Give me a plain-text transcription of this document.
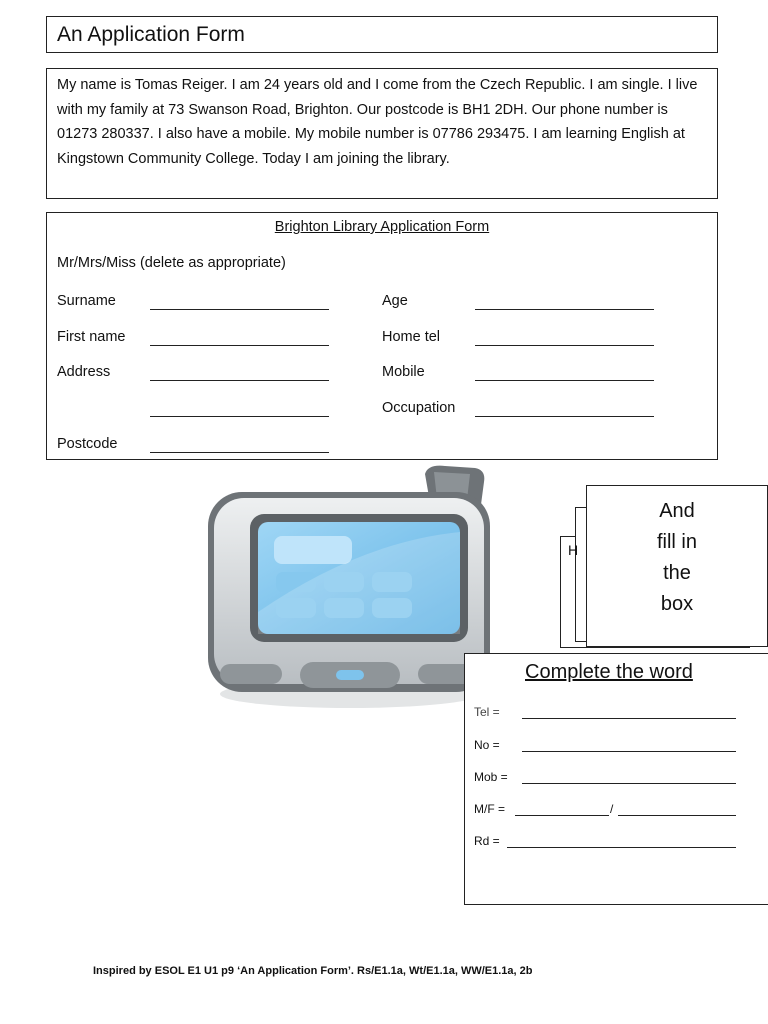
An Application Form
My name is Tomas Reiger. I am 24 years old and I come from the Czech Republic. I am single. I live with my family at 73 Swanson Road, Brighton. Our postcode is BH1 2DH. Our phone number is 01273 280337. I also have a mobile. My mobile number is 07786 293475. I am learning English at Kingstown Community College. Today I am joining the library.
Brighton Library Application Form
Mr/Mrs/Miss (delete as appropriate)
Surname
First name
Address
Postcode
Age
Home tel
Mobile
Occupation
H
And
fill in
the
box
Complete the word
Tel =
No =
Mob =
M/F =	/
Rd =
Inspired by ESOL E1 U1 p9 ‘An Application Form’. Rs/E1.1a, Wt/E1.1a, WW/E1.1a, 2b
